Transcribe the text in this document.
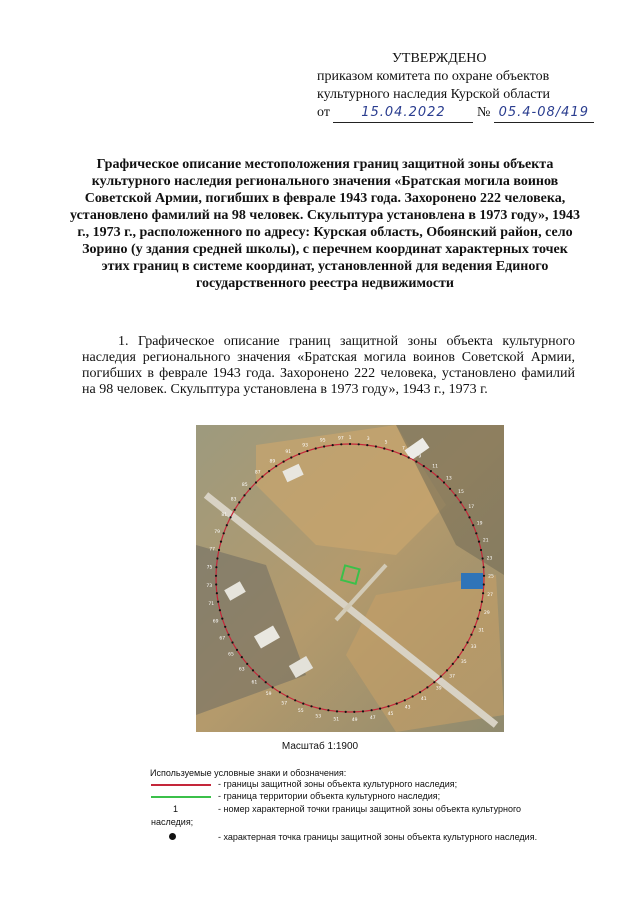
УТВЕРЖДЕНО
приказом комитета по охране объектов
культурного наследия Курской области
от 15.04.2022 № 05.4-08/419
Графическое описание местоположения границ защитной зоны объекта культурного наследия регионального значения «Братская могила воинов Советской Армии, погибших в феврале 1943 года. Захоронено 222 человека, установлено фамилий на 98 человек. Скульптура установлена в 1973 году», 1943 г., 1973 г., расположенного по адресу: Курская область, Обоянский район, село Зорино (у здания средней школы), с перечнем координат характерных точек этих границ в системе координат, установленной для ведения Единого государственного реестра недвижимости
1. Графическое описание границ защитной зоны объекта культурного наследия регионального значения «Братская могила воинов Советской Армии, погибших в феврале 1943 года. Захоронено 222 человека, установлено фамилий на 98 человек. Скульптура установлена в 1973 году», 1943 г., 1973 г.
1	3
5
7
9
11
13
15
17
19
21
23
25
27
29
31
33
35
37
39
41
43
45
47
49
51
53
55
57
59
61
63
65
67
69
71
73
75
77
79
81
83
85
87
89
91
93
95	97
Масштаб 1:1900
Используемые условные знаки и обозначения:
- границы защитной зоны объекта культурного наследия;
- граница территории объекта культурного наследия;
1	- номер характерной точки границы защитной зоны объекта культурного
наследия;
- характерная точка границы защитной зоны объекта культурного наследия.
